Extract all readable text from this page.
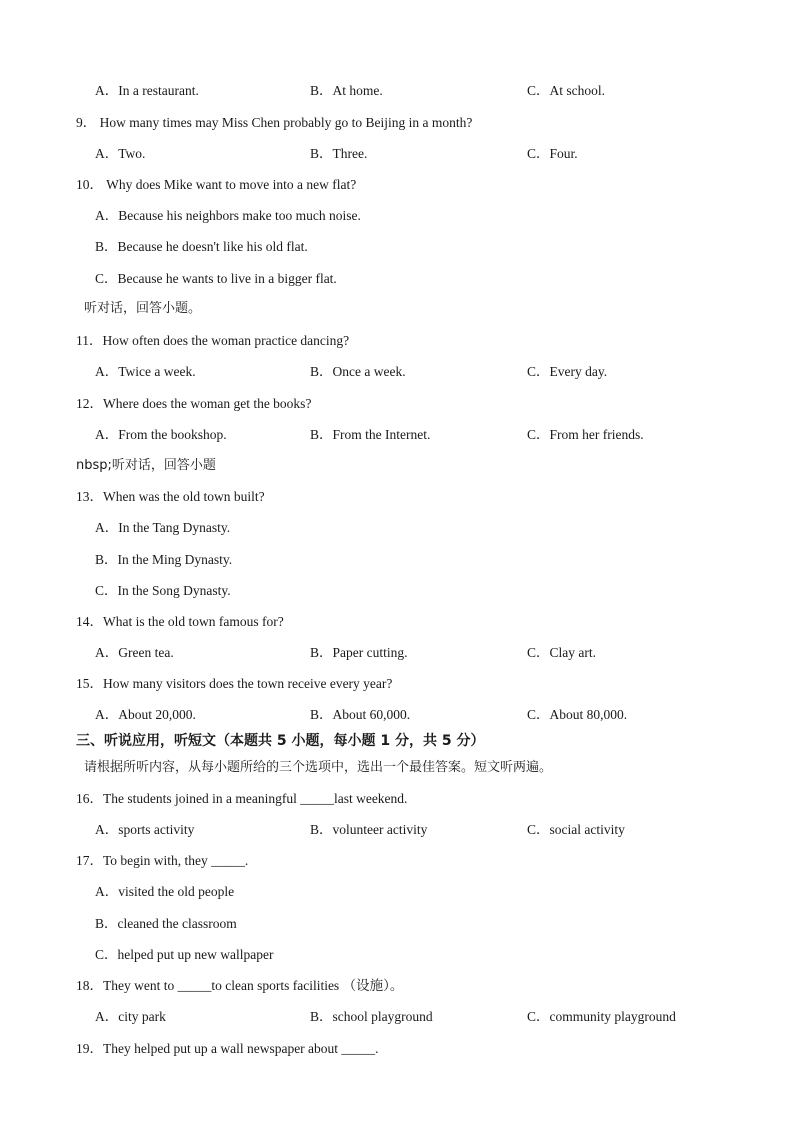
A．In a restaurant.	B．At home.	C．At school.
9． How many times may Miss Chen probably go to Beijing in a month?
A．Two.	B．Three.	C．Four.
10． Why does Mike want to move into a new flat?
A．Because his neighbors make too much noise.
B．Because he doesn't like his old flat.
C．Because he wants to live in a bigger flat.
听对话，回答小题。
11．How often does the woman practice dancing?
A．Twice a week.	B．Once a week.	C．Every day.
12．Where does the woman get the books?
A．From the bookshop.	B．From the Internet.	C．From her friends.
nbsp;听对话，回答小题
13．When was the old town built?
A．In the Tang Dynasty.
B．In the Ming Dynasty.
C．In the Song Dynasty.
14．What is the old town famous for?
A．Green tea.	B．Paper cutting.	C．Clay art.
15．How many visitors does the town receive every year?
A．About 20,000.	B．About 60,000.	C．About 80,000.
三、听说应用，听短文（本题共 5 小题，每小题 1 分，共 5 分）
请根据所听内容，从每小题所给的三个选项中，选出一个最佳答案。短文听两遍。
16．The students joined in a meaningful _____last weekend.
A．sports activity	B．volunteer activity	C．social activity
17．To begin with, they _____.
A．visited the old people
B．cleaned the classroom
C．helped put up new wallpaper
18．They went to _____to clean sports facilities （设施）。
A．city park	B．school playground	C．community playground
19．They helped put up a wall newspaper about _____.
